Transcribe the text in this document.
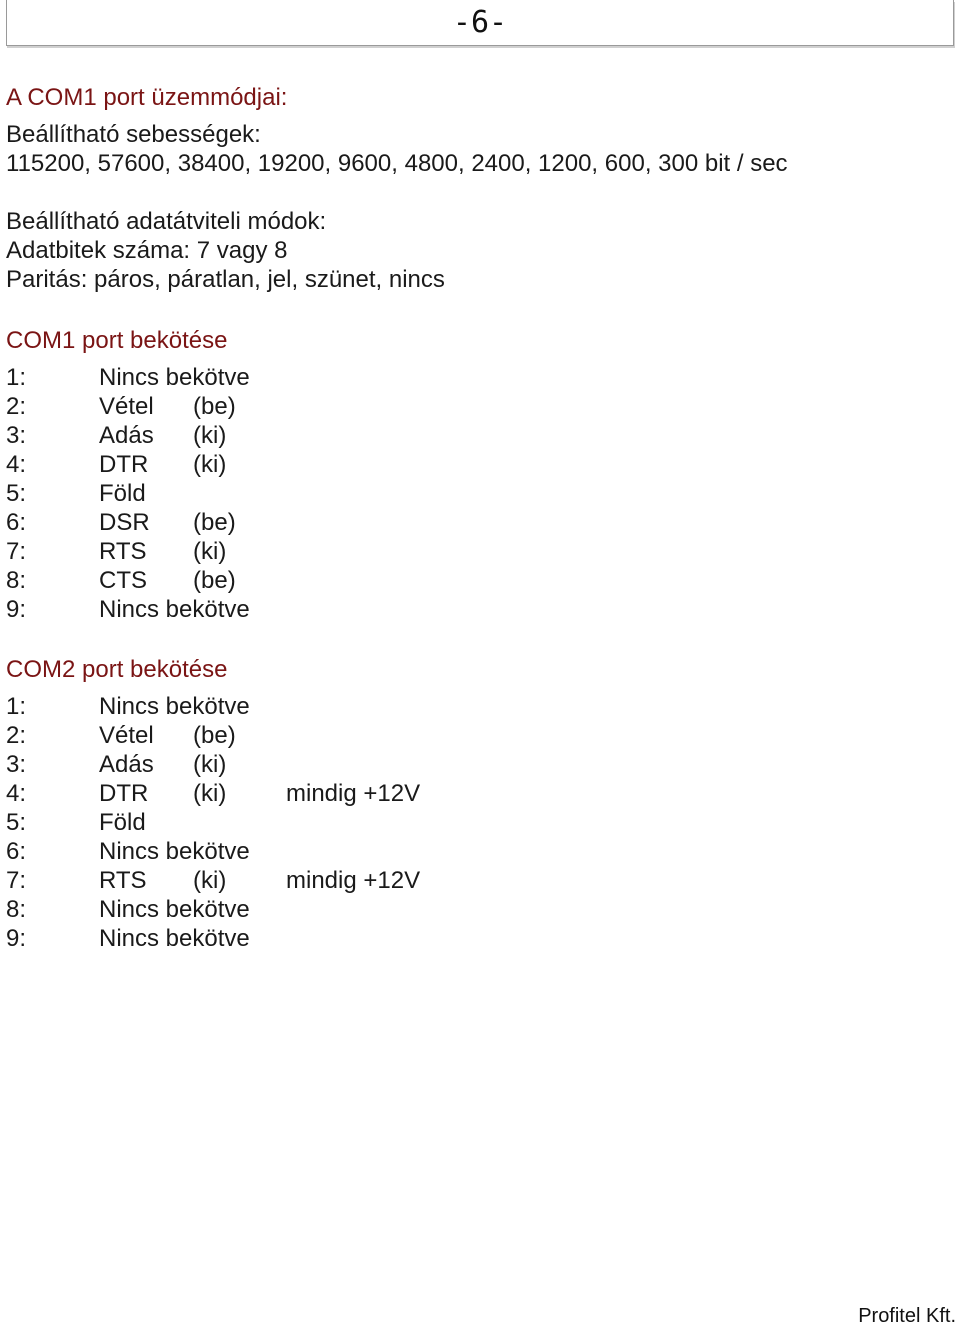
-6-
A COM1 port üzemmódjai:
Beállítható sebességek:
115200, 57600, 38400, 19200, 9600, 4800, 2400, 1200, 600, 300 bit / sec
Beállítható adatátviteli módok:
Adatbitek száma: 7 vagy 8
Paritás: páros, páratlan, jel, szünet, nincs
COM1 port bekötése
1:	Nincs bekötve
2:	Vétel	(be)
3:	Adás	(ki)
4:	DTR	(ki)
5:	Föld
6:	DSR	(be)
7:	RTS	(ki)
8:	CTS	(be)
9:	Nincs bekötve
COM2 port bekötése
1:	Nincs bekötve
2:	Vétel	(be)
3:	Adás	(ki)
4:	DTR	(ki)	mindig +12V
5:	Föld
6:	Nincs bekötve
7:	RTS	(ki)	mindig +12V
8:	Nincs bekötve
9:	Nincs bekötve
Profitel Kft.
